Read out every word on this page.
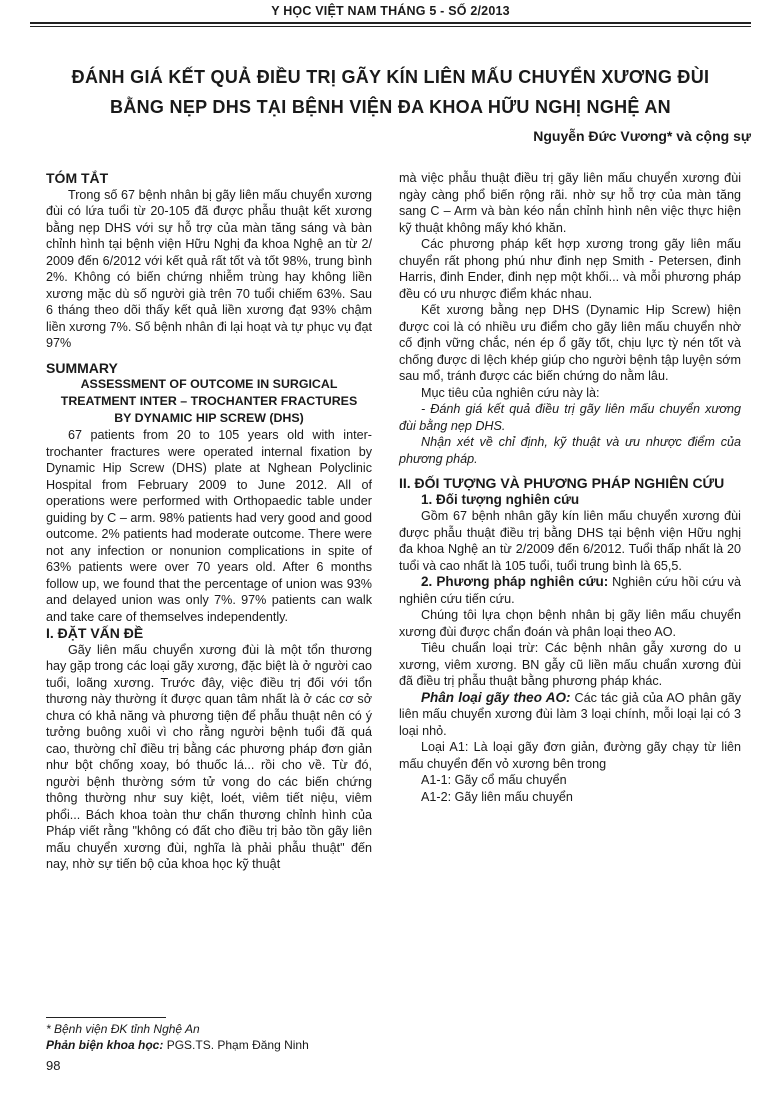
Y HỌC VIỆT NAM THÁNG 5 - SỐ 2/2013
ĐÁNH GIÁ KẾT QUẢ ĐIỀU TRỊ GÃY KÍN LIÊN MẤU CHUYỂN XƯƠNG ĐÙI
BẰNG NẸP DHS TẠI BỆNH VIỆN ĐA KHOA HỮU NGHỊ NGHỆ AN
Nguyễn Đức Vương* và cộng sự

TÓM TẮT

Trong số 67 bệnh nhân bị gãy liên mấu chuyển xương đùi có lứa tuổi từ 20-105 đã được phẫu thuật kết xương bằng nẹp DHS với sự hỗ trợ của màn tăng sáng và bàn chỉnh hình tại bệnh viện Hữu Nghị đa khoa Nghệ an từ 2/ 2009 đến 6/2012 với kết quả rất tốt và tốt 98%, trung bình 2%. Không có biến chứng nhiễm trùng hay không liền xương mặc dù số người già trên 70 tuổi chiếm 63%. Sau 6 tháng theo dõi thấy kết quả liền xương đạt 93% chậm liền xương 7%. Số bệnh nhân đi lại hoạt và tự phục vụ đạt 97%

SUMMARY

ASSESSMENT OF OUTCOME IN SURGICAL

TREATMENT INTER – TROCHANTER FRACTURES

BY DYNAMIC HIP SCREW (DHS)

67 patients from 20 to 105 years old with inter-trochanter fractures were operated internal fixation by Dynamic Hip Screw (DHS) plate at Nghean Polyclinic Hospital from February 2009 to June 2012. All of operations were performed with Orthopaedic table under guiding by C – arm. 98% patients had very good and good outcome. 2% patients had moderate outcome. There were not any infection or nonunion complications in spite of 63% patients were over 70 years old. After 6 months follow up, we found that the percentage of union was 93% and delayed union was only 7%. 97% patients can walk and take care of themselves independently.

I. ĐẶT VẤN ĐỀ

Gãy liên mấu chuyển xương đùi là một tổn thương hay gặp trong các loại gãy xương, đặc biệt là ở người cao tuổi, loãng xương. Trước đây, việc điều trị đối với tổn thương này thường ít được quan tâm nhất là ở các cơ sở chưa có khả năng và phương tiện để phẫu thuật nên có ý tưởng buông xuôi vì cho rằng người bệnh tuổi đã quá cao, thường chỉ điều trị bằng các phương pháp đơn giản như bột chống xoay, bó thuốc lá... rồi cho về. Từ đó, người bệnh thường sớm tử vong do các biến chứng thông thường như suy kiệt, loét, viêm tiết niệu, viêm phổi... Bách khoa toàn thư chấn thương chỉnh hình của Pháp viết rằng "không có đất cho điều trị bảo tồn gãy liên mấu chuyển xương đùi, nghĩa là phải phẫu thuật" đến nay, nhờ sự tiến bộ của khoa học kỹ thuật

mà việc phẫu thuật điều trị gãy liên mấu chuyển xương đùi ngày càng phổ biến rộng rãi. nhờ sự hỗ trợ của màn tăng sang C – Arm và bàn kéo nắn chỉnh hình nên việc thực hiện kỹ thuật không mấy khó khăn.

Các phương pháp kết hợp xương trong gãy liên mấu chuyển rất phong phú như đinh nẹp Smith - Petersen, đinh Harris, đinh Ender, đinh nẹp một khối... và mỗi phương pháp đều có ưu nhược điểm khác nhau.

Kết xương bằng nẹp DHS (Dynamic Hip Screw) hiện được coi là có nhiều ưu điểm cho gãy liên mấu chuyển nhờ cố định vững chắc, nén ép ổ gãy tốt, chịu lực tỳ nén tốt và chống được di lệch khép giúp cho người bệnh tập luyện sớm sau mổ, tránh được các biến chứng do nằm lâu.

Mục tiêu của nghiên cứu này là:

- Đánh giá kết quả điều trị gãy liên mấu chuyển xương đùi bằng nẹp DHS.

Nhận xét về chỉ định, kỹ thuật và ưu nhược điểm của phương pháp.

II. ĐỐI TƯỢNG VÀ PHƯƠNG PHÁP NGHIÊN CỨU

1. Đối tượng nghiên cứu

Gồm 67 bệnh nhân gãy kín liên mấu chuyển xương đùi được phẫu thuật điều trị bằng DHS tại bệnh viện Hữu nghị đa khoa Nghệ an từ 2/2009 đến 6/2012. Tuổi thấp nhất là 20 tuổi và cao nhất là 105 tuổi, tuổi trung bình là 65,5.

2. Phương pháp nghiên cứu: Nghiên cứu hồi cứu và nghiên cứu tiến cứu.

Chúng tôi lựa chọn bệnh nhân bị gãy liên mấu chuyển xương đùi được chẩn đoán và phân loại theo AO.

Tiêu chuẩn loại trừ: Các bệnh nhân gẫy xương do u xương, viêm xương. BN gẫy cũ liền mấu chuẩn xương đùi đã điều trị phẫu thuật bằng phương pháp khác.

Phân loại gãy theo AO: Các tác giả của AO phân gãy liên mấu chuyển xương đùi làm 3 loại chính, mỗi loại lại có 3 loại nhỏ.

Loại A1: Là loại gãy đơn giản, đường gãy chạy từ liên mấu chuyển đến vỏ xương bên trong

A1-1: Gãy cổ mấu chuyển

A1-2: Gãy liên mấu chuyển

* Bệnh viện ĐK tỉnh Nghệ An
Phản biện khoa học: PGS.TS. Phạm Đăng Ninh
98
